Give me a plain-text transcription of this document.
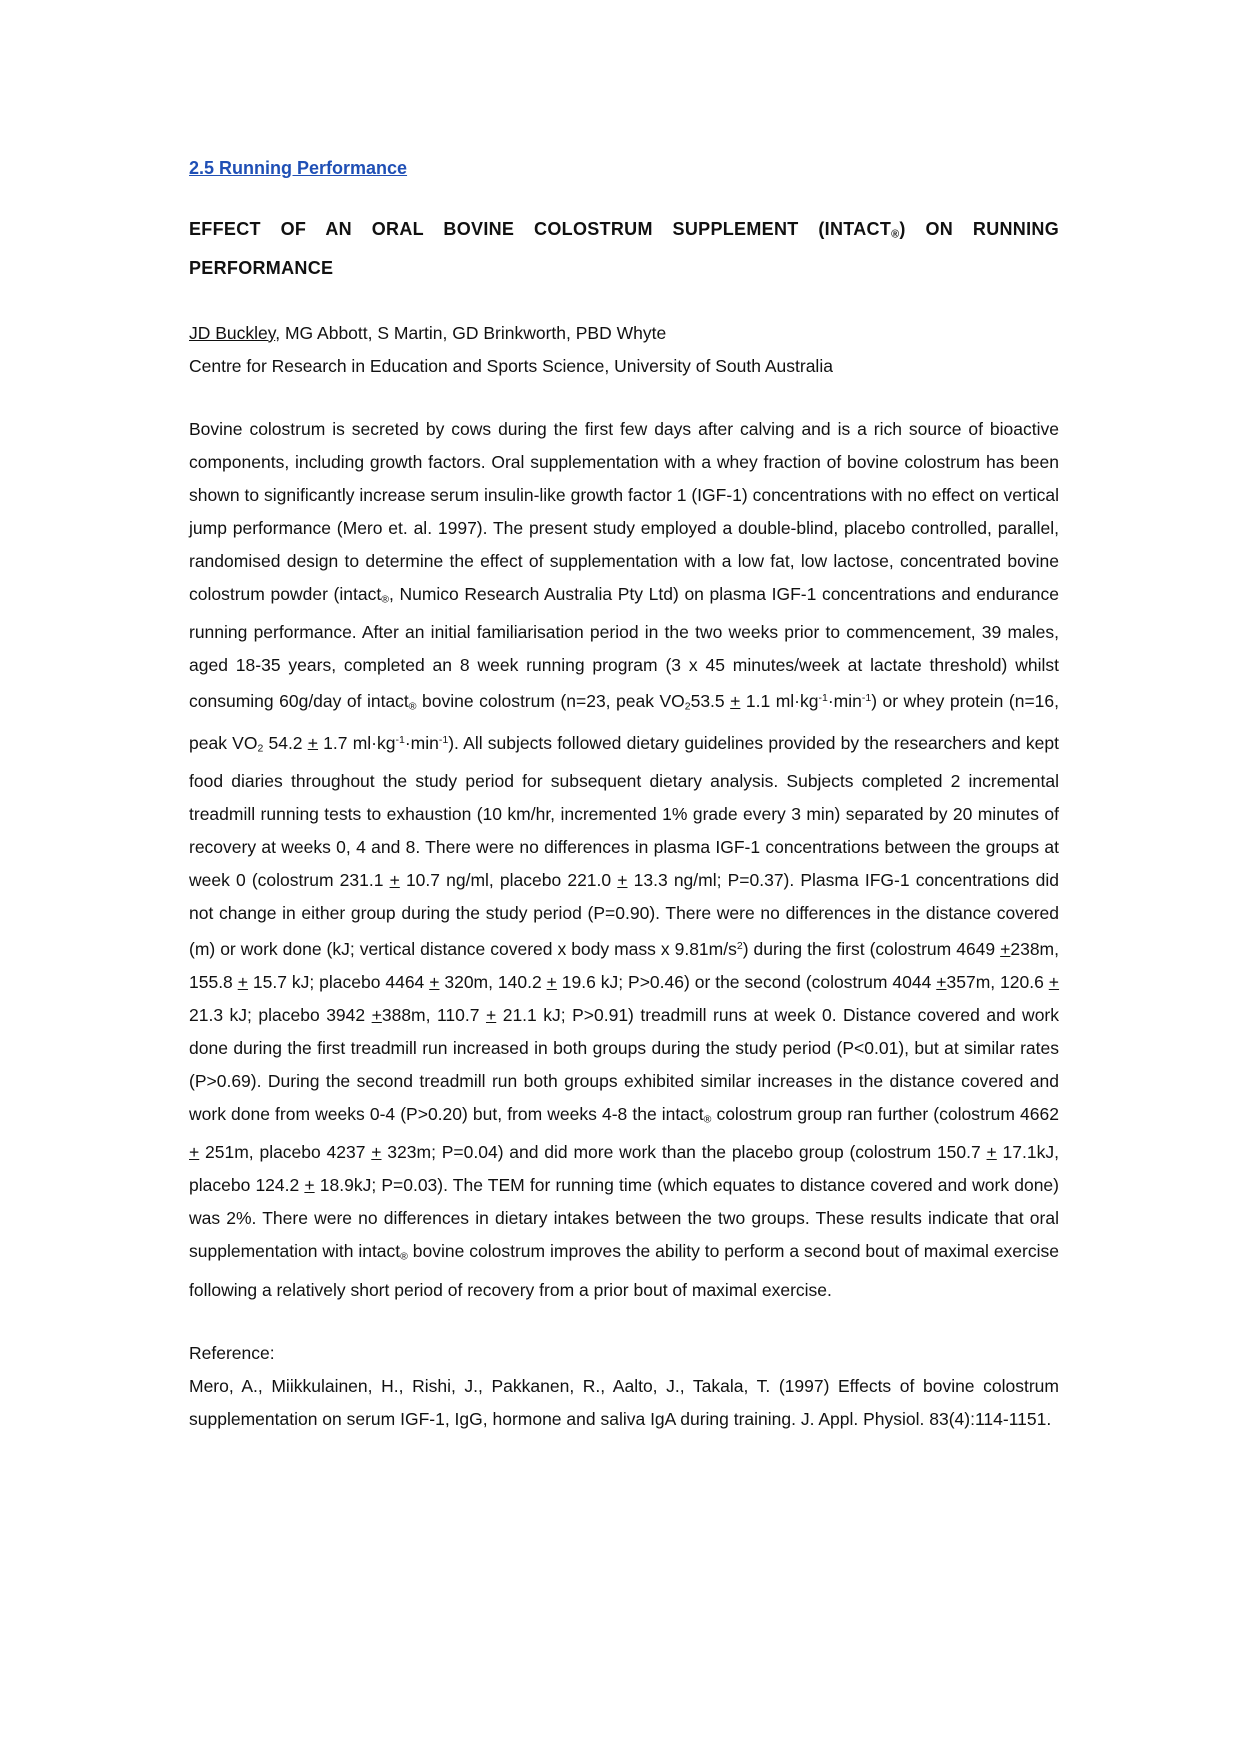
2.5 Running Performance
EFFECT OF AN ORAL BOVINE COLOSTRUM SUPPLEMENT $(INTACT_®)$ ON RUNNING PERFORMANCE
JD Buckley, MG Abbott, S Martin, GD Brinkworth, PBD Whyte
Centre for Research in Education and Sports Science, University of South Australia
Bovine colostrum is secreted by cows during the first few days after calving and is a rich source of bioactive components, including growth factors. Oral supplementation with a whey fraction of bovine colostrum has been shown to significantly increase serum insulin-like growth factor 1 (IGF-1) concentrations with no effect on vertical jump performance (Mero et. al. 1997). The present study employed a double-blind, placebo controlled, parallel, randomised design to determine the effect of supplementation with a low fat, low lactose, concentrated bovine colostrum powder (intact$_®$, Numico Research Australia Pty Ltd) on plasma IGF-1 concentrations and endurance running performance. After an initial familiarisation period in the two weeks prior to commencement, 39 males, aged 18-35 years, completed an 8 week running program (3 x 45 minutes/week at lactate threshold) whilst consuming 60g/day of intact$_®$ bovine colostrum (n=23, peak $VO_253.5 + 1.1$ $ml\cdot kg^{-1}\cdot\min^{-1}$) or whey protein (n=16, peak $VO_2$ 54.2 + 1.7 $ml\cdot kg^{-1}\cdot\min^{-1}$). All subjects followed dietary guidelines provided by the researchers and kept food diaries throughout the study period for subsequent dietary analysis. Subjects completed 2 incremental treadmill running tests to exhaustion (10 km/hr, incremented 1% grade every 3 min) separated by 20 minutes of recovery at weeks 0, 4 and 8. There were no differences in plasma IGF-1 concentrations between the groups at week 0 (colostrum 231.1 + 10.7 ng/ml, placebo 221.0 + 13.3 ng/ml; P=0.37). Plasma IFG-1 concentrations did not change in either group during the study period (P=0.90). There were no differences in the distance covered (m) or work done (kJ; vertical distance covered x body mass x $9.81m/s^2$) during the first (colostrum 4649 +238m, 155.8 + 15.7 kJ; placebo 4464 + 320m, 140.2 + 19.6 kJ; P>0.46) or the second (colostrum 4044 +357m, 120.6 + 21.3 kJ; placebo 3942 +388m, 110.7 + 21.1 kJ; P>0.91) treadmill runs at week 0. Distance covered and work done during the first treadmill run increased in both groups during the study period (P<0.01), but at similar rates (P>0.69). During the second treadmill run both groups exhibited similar increases in the distance covered and work done from weeks 0-4 (P>0.20) but, from weeks 4-8 the intact$_®$ colostrum group ran further (colostrum 4662 + 251m, placebo 4237 + 323m; P=0.04) and did more work than the placebo group (colostrum 150.7 + 17.1kJ, placebo 124.2 + 18.9kJ; P=0.03). The TEM for running time (which equates to distance covered and work done) was 2%. There were no differences in dietary intakes between the two groups. These results indicate that oral supplementation with intact$_®$ bovine colostrum improves the ability to perform a second bout of maximal exercise following a relatively short period of recovery from a prior bout of maximal exercise.
Reference:
Mero, A., Miikkulainen, H., Rishi, J., Pakkanen, R., Aalto, J., Takala, T. (1997) Effects of bovine colostrum supplementation on serum IGF-1, IgG, hormone and saliva IgA during training. J. Appl. Physiol. 83(4):114-1151.
